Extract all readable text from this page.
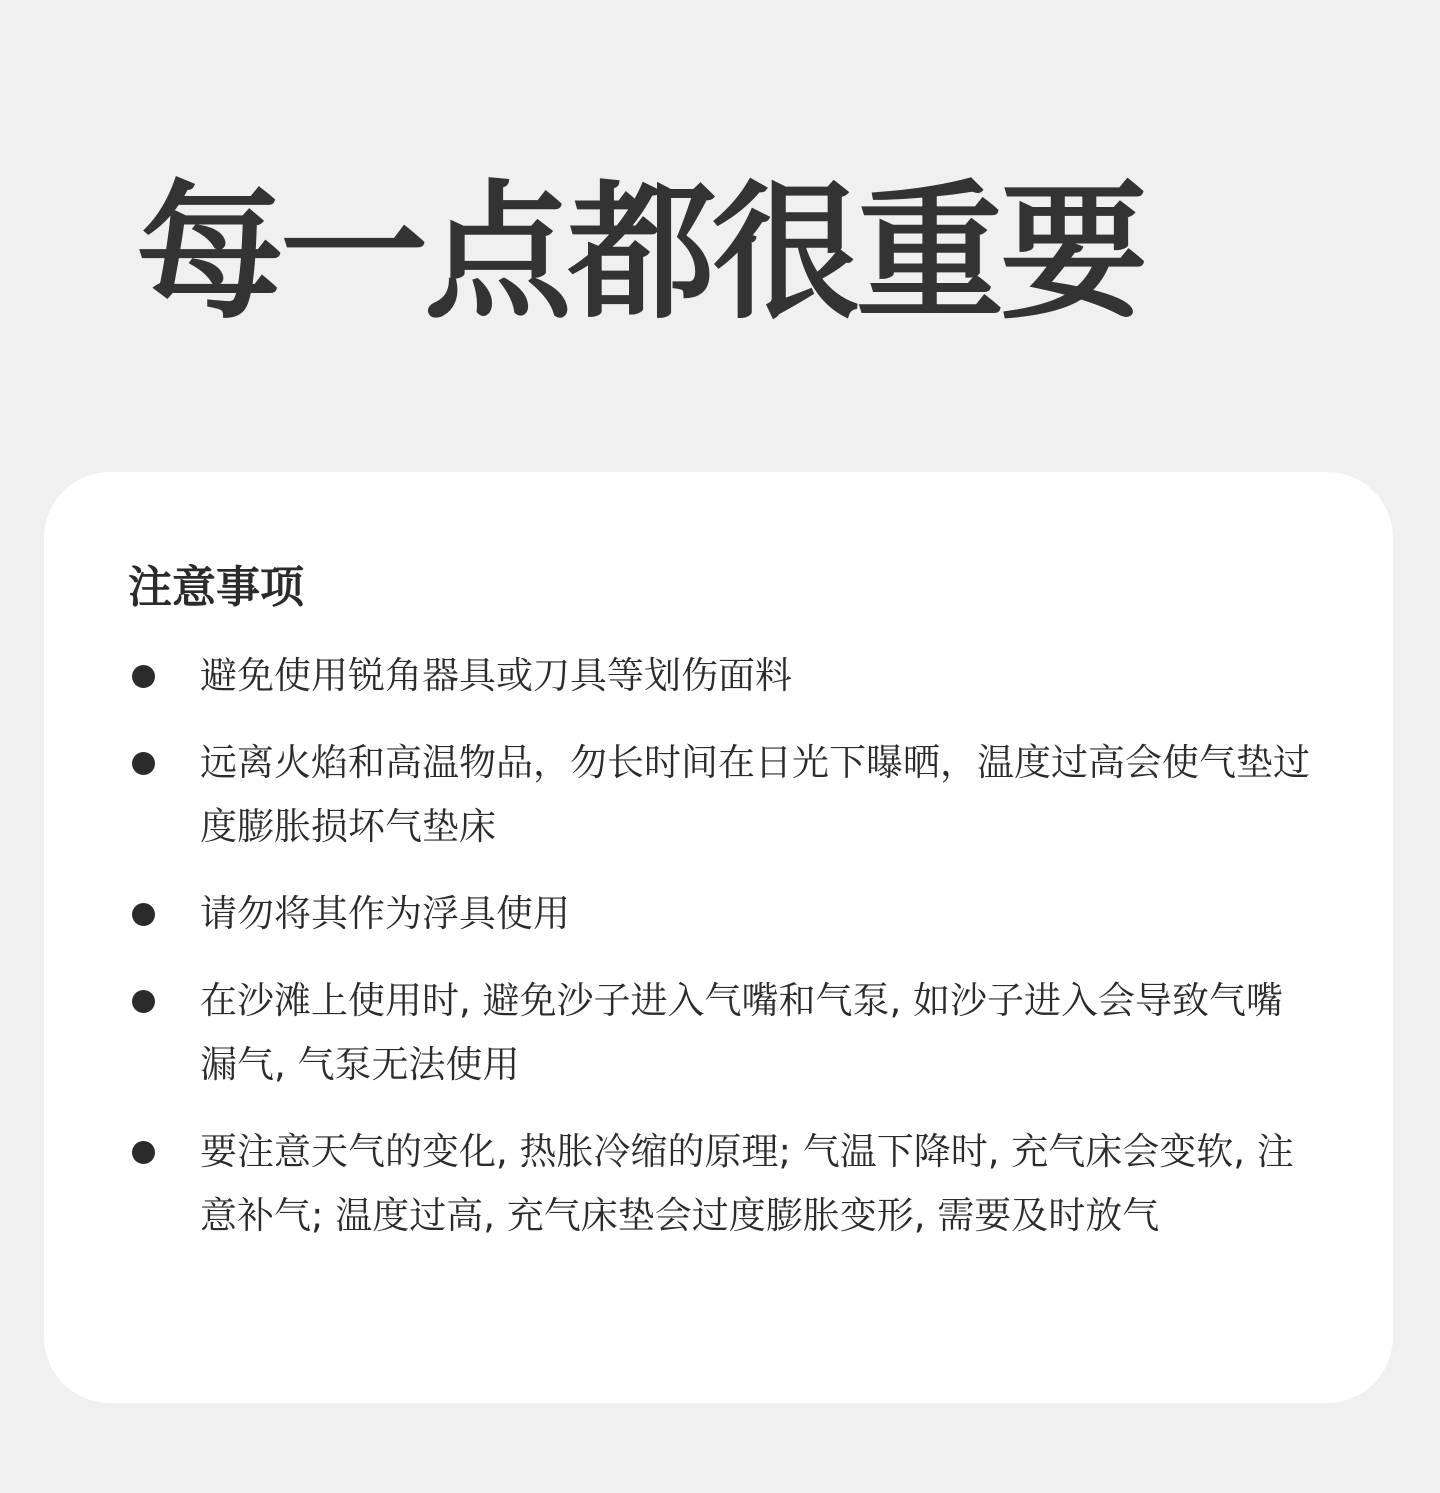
每一点都很重要
注意事项
避免使用锐角器具或刀具等划伤面料
远离火焰和高温物品，勿长时间在日光下曝晒，温度过高会使气垫过度膨胀损坏气垫床
请勿将其作为浮具使用
在沙滩上使用时, 避免沙子进入气嘴和气泵, 如沙子进入会导致气嘴漏气, 气泵无法使用
要注意天气的变化, 热胀冷缩的原理; 气温下降时, 充气床会变软, 注意补气; 温度过高, 充气床垫会过度膨胀变形, 需要及时放气
